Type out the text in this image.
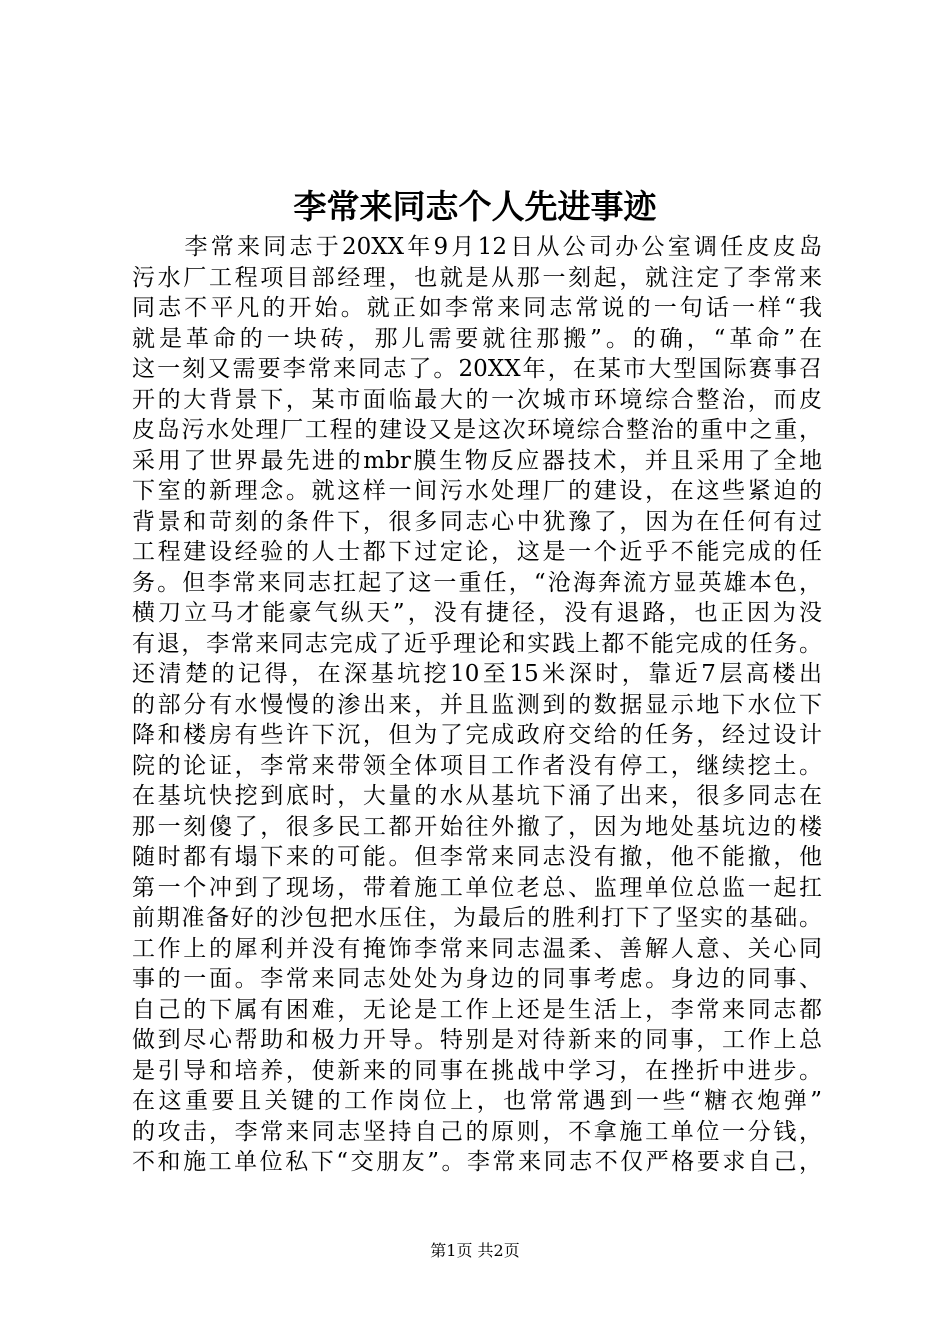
李常来同志个人先进事迹
　　李常来同志于20XX年9月12日从公司办公室调任皮皮岛
污水厂工程项目部经理，也就是从那一刻起，就注定了李常来
同志不平凡的开始。就正如李常来同志常说的一句话一样“我
就是革命的一块砖，那儿需要就往那搬”。的确，“革命”在
这一刻又需要李常来同志了。20XX年，在某市大型国际赛事召
开的大背景下，某市面临最大的一次城市环境综合整治，而皮
皮岛污水处理厂工程的建设又是这次环境综合整治的重中之重，
采用了世界最先进的mbr膜生物反应器技术，并且采用了全地
下室的新理念。就这样一间污水处理厂的建设，在这些紧迫的
背景和苛刻的条件下，很多同志心中犹豫了，因为在任何有过
工程建设经验的人士都下过定论，这是一个近乎不能完成的任
务。但李常来同志扛起了这一重任，“沧海奔流方显英雄本色，
横刀立马才能豪气纵天”，没有捷径，没有退路，也正因为没
有退，李常来同志完成了近乎理论和实践上都不能完成的任务。
还清楚的记得，在深基坑挖10至15米深时，靠近7层高楼出
的部分有水慢慢的渗出来，并且监测到的数据显示地下水位下
降和楼房有些许下沉，但为了完成政府交给的任务，经过设计
院的论证，李常来带领全体项目工作者没有停工，继续挖土。
在基坑快挖到底时，大量的水从基坑下涌了出来，很多同志在
那一刻傻了，很多民工都开始往外撤了，因为地处基坑边的楼
随时都有塌下来的可能。但李常来同志没有撤，他不能撤，他
第一个冲到了现场，带着施工单位老总、监理单位总监一起扛
前期准备好的沙包把水压住，为最后的胜利打下了坚实的基础。
工作上的犀利并没有掩饰李常来同志温柔、善解人意、关心同
事的一面。李常来同志处处为身边的同事考虑。身边的同事、
自己的下属有困难，无论是工作上还是生活上，李常来同志都
做到尽心帮助和极力开导。特别是对待新来的同事，工作上总
是引导和培养，使新来的同事在挑战中学习，在挫折中进步。
在这重要且关键的工作岗位上，也常常遇到一些“糖衣炮弹”
的攻击，李常来同志坚持自己的原则，不拿施工单位一分钱，
不和施工单位私下“交朋友”。李常来同志不仅严格要求自己，
第1页 共2页
